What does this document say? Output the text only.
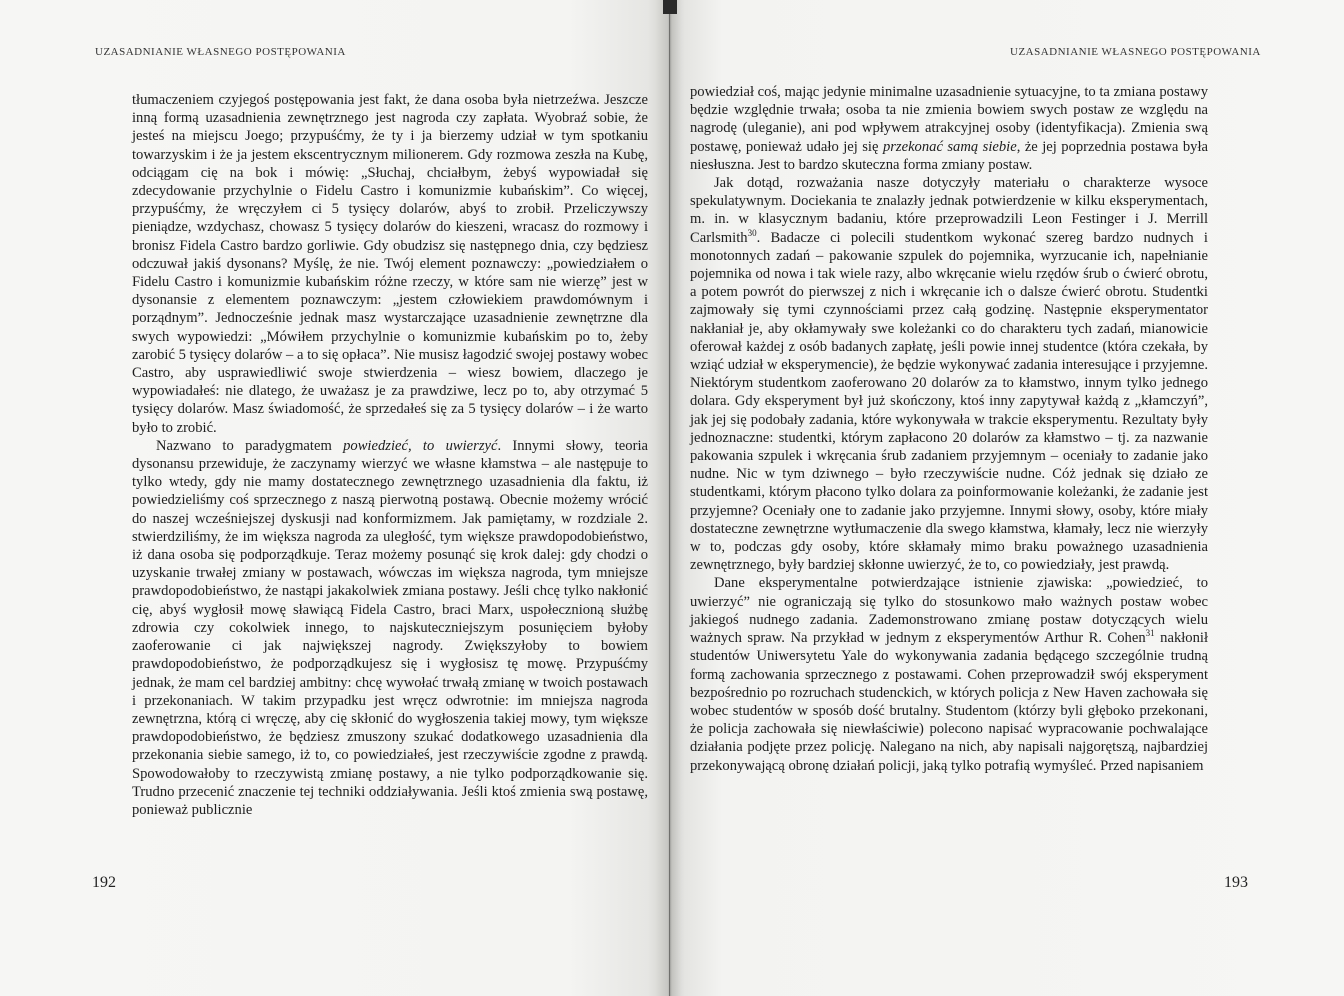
UZASADNIANIE WŁASNEGO POSTĘPOWANIA	UZASADNIANIE WŁASNEGO POSTĘPOWANIA

tłumaczeniem czyjegoś postępowania jest fakt, że dana osoba była nietrzeźwa. Jeszcze inną formą uzasadnienia zewnętrznego jest nagroda czy zapłata. Wyobraź sobie, że jesteś na miejscu Joego; przypuśćmy, że ty i ja bierzemy udział w tym spotkaniu towarzyskim i że ja jestem ekscentrycznym milionerem. Gdy rozmowa zeszła na Kubę, odciągam cię na bok i mówię: „Słuchaj, chciałbym, żebyś wypowiadał się zdecydowanie przychylnie o Fidelu Castro i komunizmie kubańskim”. Co więcej, przypuśćmy, że wręczyłem ci 5 tysięcy dolarów, abyś to zrobił. Przeliczywszy pieniądze, wzdychasz, chowasz 5 tysięcy dolarów do kieszeni, wracasz do rozmowy i bronisz Fidela Castro bardzo gorliwie. Gdy obudzisz się następnego dnia, czy będziesz odczuwał jakiś dysonans? Myślę, że nie. Twój element poznawczy: „powiedziałem o Fidelu Castro i komunizmie kubańskim różne rzeczy, w które sam nie wierzę” jest w dysonansie z elementem poznawczym: „jestem człowiekiem prawdomównym i porządnym”. Jednocześnie jednak masz wystarczające uzasadnienie zewnętrzne dla swych wypowiedzi: „Mówiłem przychylnie o komunizmie kubańskim po to, żeby zarobić 5 tysięcy dolarów – a to się opłaca”. Nie musisz łagodzić swojej postawy wobec Castro, aby usprawiedliwić swoje stwierdzenia – wiesz bowiem, dlaczego je wypowiadałeś: nie dlatego, że uważasz je za prawdziwe, lecz po to, aby otrzymać 5 tysięcy dolarów. Masz świadomość, że sprzedałeś się za 5 tysięcy dolarów – i że warto było to zrobić.

Nazwano to paradygmatem powiedzieć, to uwierzyć. Innymi słowy, teoria dysonansu przewiduje, że zaczynamy wierzyć we własne kłamstwa – ale następuje to tylko wtedy, gdy nie mamy dostatecznego zewnętrznego uzasadnienia dla faktu, iż powiedzieliśmy coś sprzecznego z naszą pierwotną postawą. Obecnie możemy wrócić do naszej wcześniejszej dyskusji nad konformizmem. Jak pamiętamy, w rozdziale 2. stwierdziliśmy, że im większa nagroda za uległość, tym większe prawdopodobieństwo, iż dana osoba się podporządkuje. Teraz możemy posunąć się krok dalej: gdy chodzi o uzyskanie trwałej zmiany w postawach, wówczas im większa nagroda, tym mniejsze prawdopodobieństwo, że nastąpi jakakolwiek zmiana postawy. Jeśli chcę tylko nakłonić cię, abyś wygłosił mowę sławiącą Fidela Castro, braci Marx, uspołecznioną służbę zdrowia czy cokolwiek innego, to najskuteczniejszym posunięciem byłoby zaoferowanie ci jak największej nagrody. Zwiększyłoby to bowiem prawdopodobieństwo, że podporządkujesz się i wygłosisz tę mowę. Przypuśćmy jednak, że mam cel bardziej ambitny: chcę wywołać trwałą zmianę w twoich postawach i przekonaniach. W takim przypadku jest wręcz odwrotnie: im mniejsza nagroda zewnętrzna, którą ci wręczę, aby cię skłonić do wygłoszenia takiej mowy, tym większe prawdopodobieństwo, że będziesz zmuszony szukać dodatkowego uzasadnienia dla przekonania siebie samego, iż to, co powiedziałeś, jest rzeczywiście zgodne z prawdą. Spowodowałoby to rzeczywistą zmianę postawy, a nie tylko podporządkowanie się. Trudno przecenić znaczenie tej techniki oddziaływania. Jeśli ktoś zmienia swą postawę, ponieważ publicznie

powiedział coś, mając jedynie minimalne uzasadnienie sytuacyjne, to ta zmiana postawy będzie względnie trwała; osoba ta nie zmienia bowiem swych postaw ze względu na nagrodę (uleganie), ani pod wpływem atrakcyjnej osoby (identyfikacja). Zmienia swą postawę, ponieważ udało jej się przekonać samą siebie, że jej poprzednia postawa była niesłuszna. Jest to bardzo skuteczna forma zmiany postaw.

Jak dotąd, rozważania nasze dotyczyły materiału o charakterze wysoce spekulatywnym. Dociekania te znalazły jednak potwierdzenie w kilku eksperymentach, m. in. w klasycznym badaniu, które przeprowadzili Leon Festinger i J. Merrill Carlsmith$^{30}$. Badacze ci polecili studentkom wykonać szereg bardzo nudnych i monotonnych zadań – pakowanie szpulek do pojemnika, wyrzucanie ich, napełnianie pojemnika od nowa i tak wiele razy, albo wkręcanie wielu rzędów śrub o ćwierć obrotu, a potem powrót do pierwszej z nich i wkręcanie ich o dalsze ćwierć obrotu. Studentki zajmowały się tymi czynnościami przez całą godzinę. Następnie eksperymentator nakłaniał je, aby okłamywały swe koleżanki co do charakteru tych zadań, mianowicie oferował każdej z osób badanych zapłatę, jeśli powie innej studentce (która czekała, by wziąć udział w eksperymencie), że będzie wykonywać zadania interesujące i przyjemne. Niektórym studentkom zaoferowano 20 dolarów za to kłamstwo, innym tylko jednego dolara. Gdy eksperyment był już skończony, ktoś inny zapytywał każdą z „kłamczyń”, jak jej się podobały zadania, które wykonywała w trakcie eksperymentu. Rezultaty były jednoznaczne: studentki, którym zapłacono 20 dolarów za kłamstwo – tj. za nazwanie pakowania szpulek i wkręcania śrub zadaniem przyjemnym – oceniały to zadanie jako nudne. Nic w tym dziwnego – było rzeczywiście nudne. Cóż jednak się działo ze studentkami, którym płacono tylko dolara za poinformowanie koleżanki, że zadanie jest przyjemne? Oceniały one to zadanie jako przyjemne. Innymi słowy, osoby, które miały dostateczne zewnętrzne wytłumaczenie dla swego kłamstwa, kłamały, lecz nie wierzyły w to, podczas gdy osoby, które skłamały mimo braku poważnego uzasadnienia zewnętrznego, były bardziej skłonne uwierzyć, że to, co powiedziały, jest prawdą.

Dane eksperymentalne potwierdzające istnienie zjawiska: „powiedzieć, to uwierzyć” nie ograniczają się tylko do stosunkowo mało ważnych postaw wobec jakiegoś nudnego zadania. Zademonstrowano zmianę postaw dotyczących wielu ważnych spraw. Na przykład w jednym z eksperymentów Arthur R. Cohen$^{31}$ nakłonił studentów Uniwersytetu Yale do wykonywania zadania będącego szczególnie trudną formą zachowania sprzecznego z postawami. Cohen przeprowadził swój eksperyment bezpośrednio po rozruchach studenckich, w których policja z New Haven zachowała się wobec studentów w sposób dość brutalny. Studentom (którzy byli głęboko przekonani, że policja zachowała się niewłaściwie) polecono napisać wypracowanie pochwalające działania podjęte przez policję. Nalegano na nich, aby napisali najgorętszą, najbardziej przekonywającą obronę działań policji, jaką tylko potrafią wymyśleć. Przed napisaniem

192	193
